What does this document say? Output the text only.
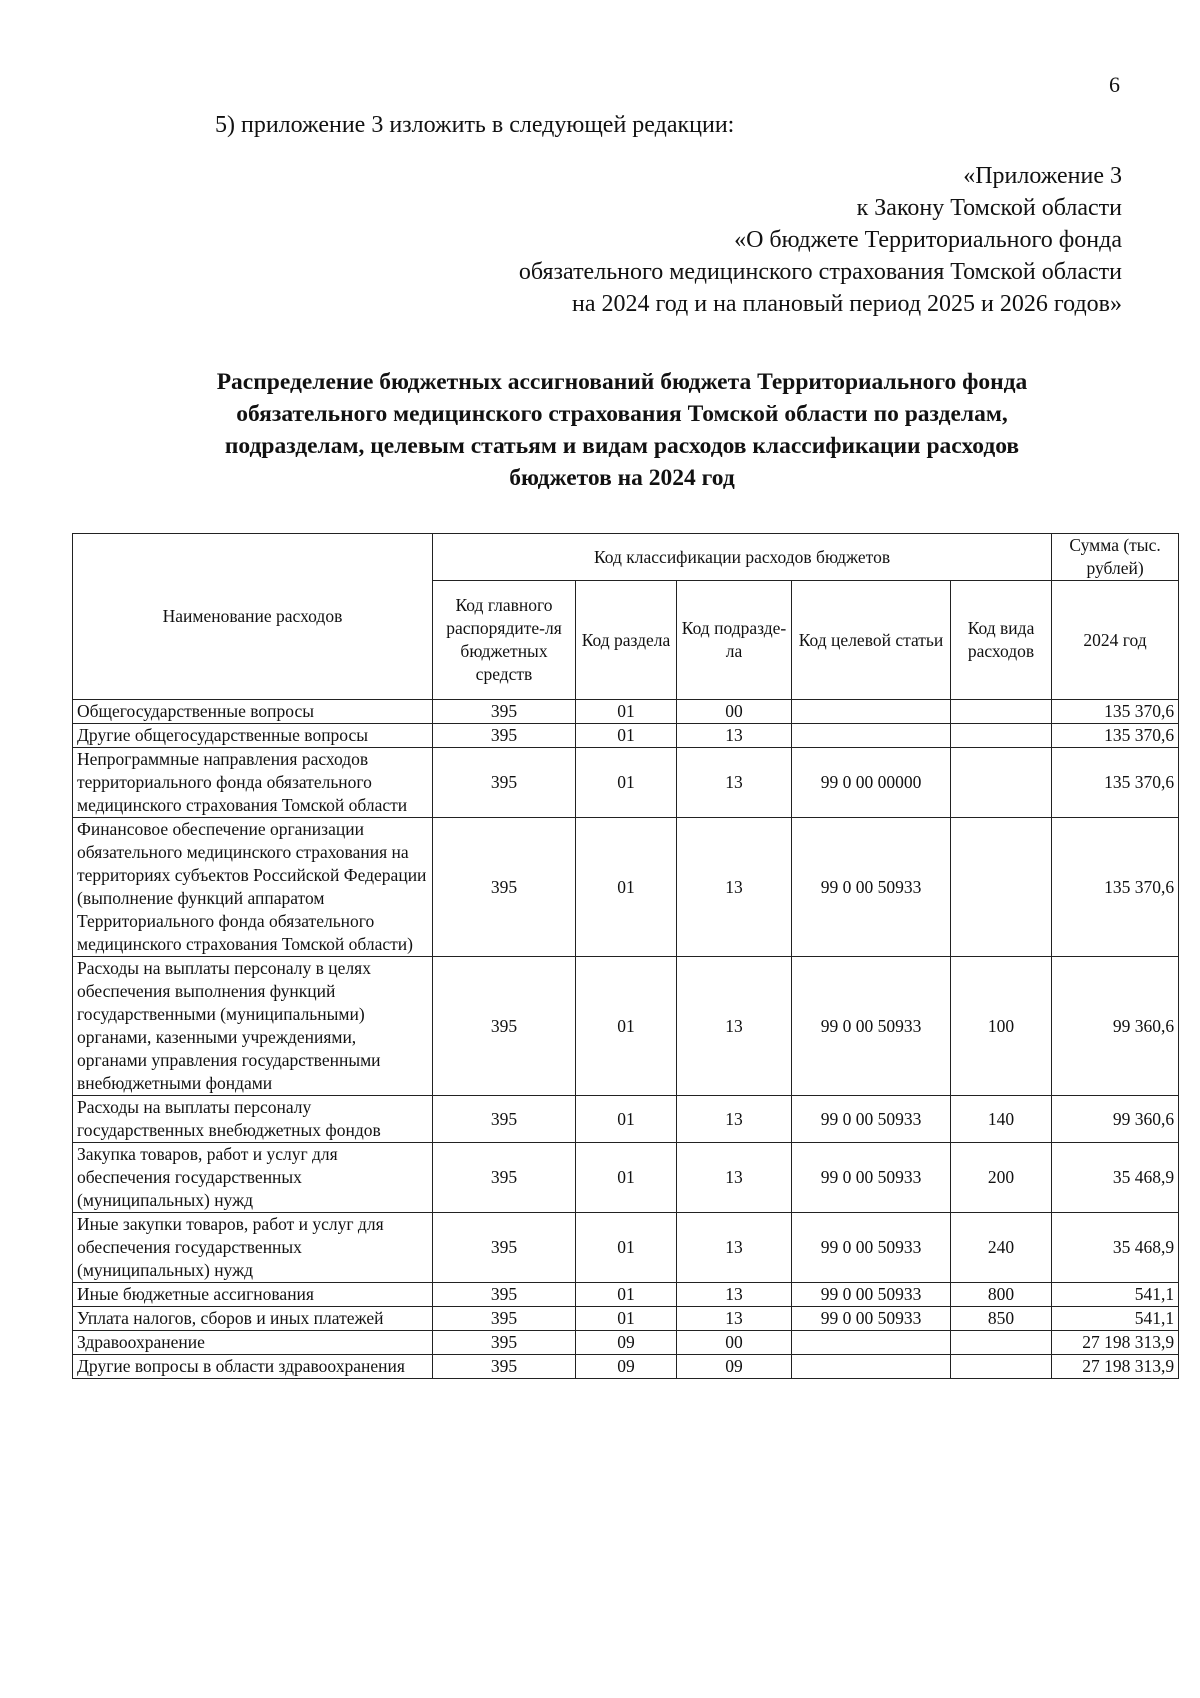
6
5) приложение 3 изложить в следующей редакции:
«Приложение 3
к Закону Томской области
«О бюджете Территориального фонда
обязательного медицинского страхования Томской области
на 2024 год и на плановый период 2025 и 2026 годов»
Распределение бюджетных ассигнований бюджета Территориального фонда
обязательного медицинского страхования Томской области по разделам,
подразделам, целевым статьям и видам расходов классификации расходов
бюджетов на 2024 год
Наименование расходов	Код классификации расходов бюджетов					Сумма (тыс. рублей)
	Код главного распорядите-ля бюджетных средств	Код раздела	Код подразде-ла	Код целевой статьи	Код вида расходов	2024 год
Общегосударственные вопросы	395	01	00			135 370,6
Другие общегосударственные вопросы	395	01	13			135 370,6
Непрограммные направления расходов территориального фонда обязательного медицинского страхования Томской области	395	01	13	99 0 00 00000		135 370,6
Финансовое обеспечение организации обязательного медицинского страхования на территориях субъектов Российской Федерации (выполнение функций аппаратом Территориального фонда обязательного медицинского страхования Томской области)	395	01	13	99 0 00 50933		135 370,6
Расходы на выплаты персоналу в целях обеспечения выполнения функций государственными (муниципальными) органами, казенными учреждениями, органами управления государственными внебюджетными фондами	395	01	13	99 0 00 50933	100	99 360,6
Расходы на выплаты персоналу государственных внебюджетных фондов	395	01	13	99 0 00 50933	140	99 360,6
Закупка товаров, работ и услуг для обеспечения государственных (муниципальных) нужд	395	01	13	99 0 00 50933	200	35 468,9
Иные закупки товаров, работ и услуг для обеспечения государственных (муниципальных) нужд	395	01	13	99 0 00 50933	240	35 468,9
Иные бюджетные ассигнования	395	01	13	99 0 00 50933	800	541,1
Уплата налогов, сборов и иных платежей	395	01	13	99 0 00 50933	850	541,1
Здравоохранение	395	09	00			27 198 313,9
Другие вопросы в области здравоохранения	395	09	09			27 198 313,9
